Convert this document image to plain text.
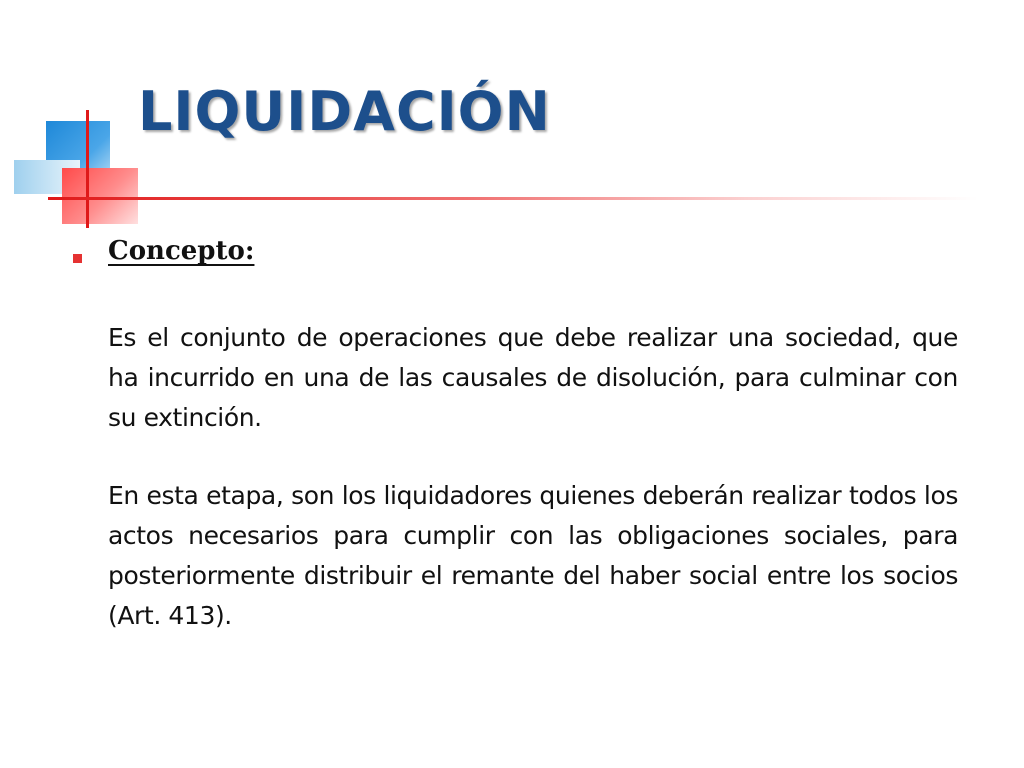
LIQUIDACIÓN
Concepto:

Es el conjunto de operaciones que debe realizar una sociedad, que ha incurrido en una de las causales de disolución, para culminar con su extinción.

En esta etapa, son los liquidadores quienes deberán realizar todos los actos necesarios para cumplir con las obligaciones sociales, para posteriormente distribuir el remante del haber social entre los socios (Art. 413).
